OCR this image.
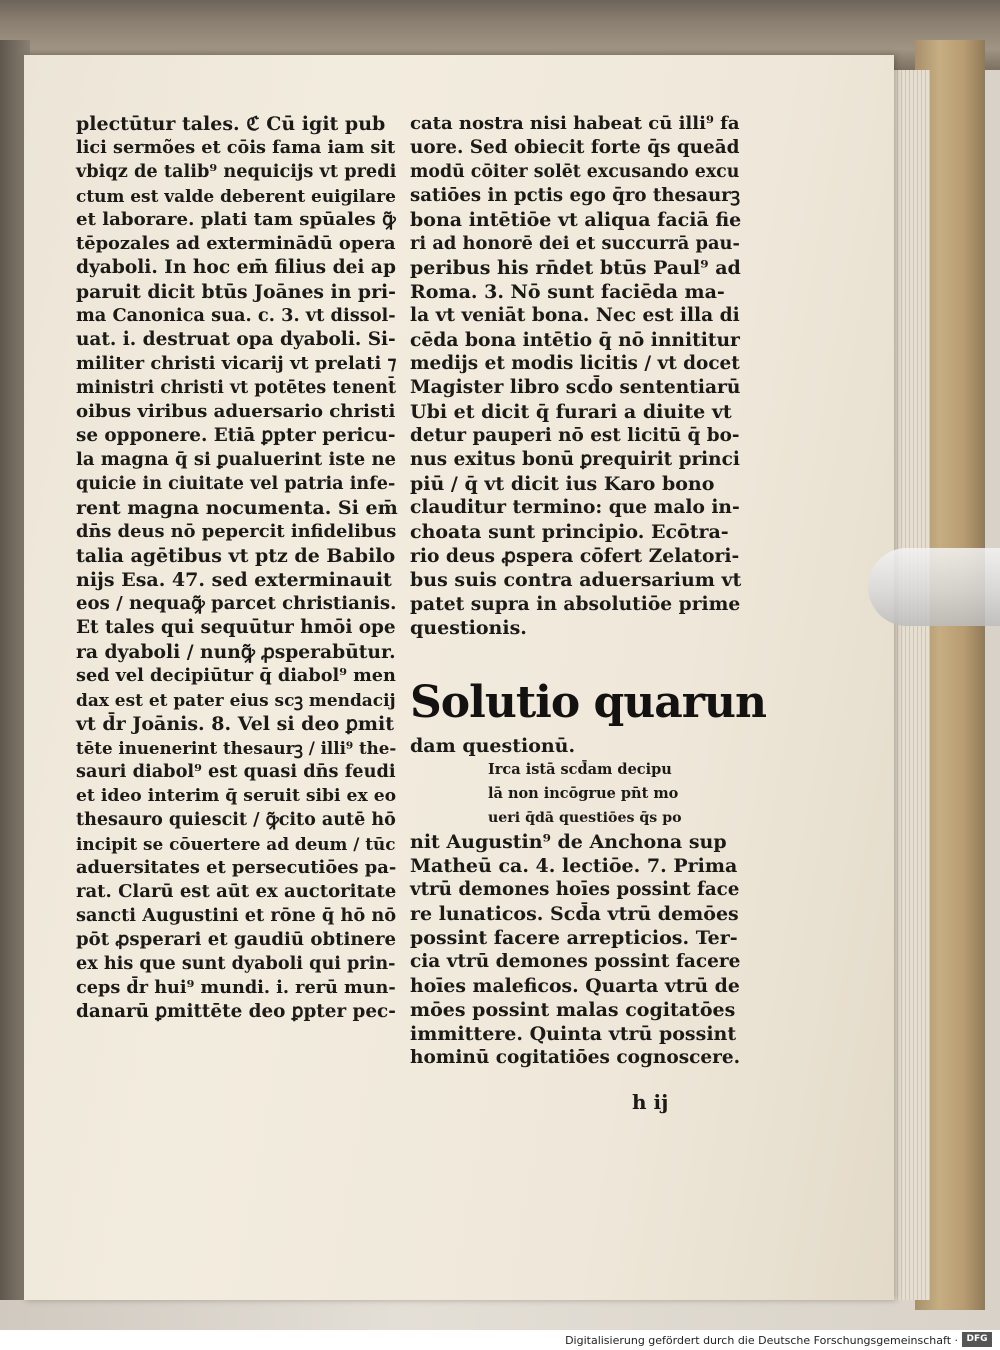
plectūtur tales. ℭ Cū igit pub
lici sermões et cōis fama iam sit
vbiqz de talib⁹ nequicijs vt predi
ctum est valde deberent euigilare
et laborare. plati tam spūales ꝙ̃
tēpozales ad exterminādū opera
dyaboli. In hoc em̄ filius dei ap
paruit dicit btūs Joānes in pri-
ma Canonica sua. c. 3. vt dissol-
uat. i. destruat opa dyaboli. Si-
militer christi vicarij vt prelati ⁊
ministri christi vt potētes tenent̄
oibus viribus aduersario christi
se opponere. Etiā ꝑpter pericu-
la magna q̄ si ꝑualuerint iste ne
quicie in ciuitate vel patria infe-
rent magna nocumenta. Si em̄
dn̄s deus nō pepercit infidelibus
talia agētibus vt ptz de Babilo
nijs Esa. 47. sed exterminauit
eos / nequaꝙ̃ parcet christianis.
Et tales qui sequūtur hmōi ope
ra dyaboli / nunꝙ̃ ꝓsperabūtur.
sed vel decipiūtur q̄ diabol⁹ men
dax est et pater eius scꝫ mendacij
vt d̄r Joānis. 8. Vel si deo ꝑmit
tēte inuenerint thesaurꝫ / illi⁹ the-
sauri diabol⁹ est quasi dn̄s feudi
et ideo interim q̄ seruit sibi ex eo
thesauro quiescit / ꝙ̃cito autē hō
incipit se cōuertere ad deum / tūc
aduersitates et persecutiōes pa-
rat. Clarū est aūt ex auctoritate
sancti Augustini et rōne q̄ hō nō
pōt ꝓsperari et gaudiū obtinere
ex his que sunt dyaboli qui prin-
ceps d̄r hui⁹ mundi. i. rerū mun-
danarū ꝑmittēte deo ꝑpter pec-
cata nostra nisi habeat cū illi⁹ fa
uore. Sed obiecit forte q̄s queād
modū cōiter solēt excusando excu
satiōes in pctis ego q̄ro thesaurꝫ
bona intētiōe vt aliqua faciā fie
ri ad honorē dei et succurrā pau-
peribus his rn̄det btūs Paul⁹ ad
Roma. 3. Nō sunt faciēda ma-
la vt veniāt bona. Nec est illa di
cēda bona intētio q̄ nō innititur
medijs et modis licitis / vt docet
Magister libro scd̄o sententiarū
Ubi et dicit q̄ furari a diuite vt
detur pauperi nō est licitū q̄ bo-
nus exitus bonū ꝑrequirit princi
piū / q̄ vt dicit ius Karo bono
clauditur termino: que malo in-
choata sunt principio. Ecōtra-
rio deus ꝓspera cōfert Zelatori-
bus suis contra aduersarium vt
patet supra in absolutiōe prime
questionis.
Solutio quarun
dam questionū.
Irca istā scd̄am decipu
lā non incōgrue pn̄t mo
ueri q̄dā questiōes q̄s po
nit Augustin⁹ de Anchona sup
Matheū ca. 4. lectiōe. 7. Prima
vtrū demones hoīes possint face
re lunaticos. Scd̄a vtrū demōes
possint facere arrepticios. Ter-
cia vtrū demones possint facere
hoīes maleficos. Quarta vtrū de
mōes possint malas cogitatōes
immittere. Quinta vtrū possint
hominū cogitatiōes cognoscere.
h ij
Digitalisierung gefördert durch die Deutsche Forschungsgemeinschaft · DFG
